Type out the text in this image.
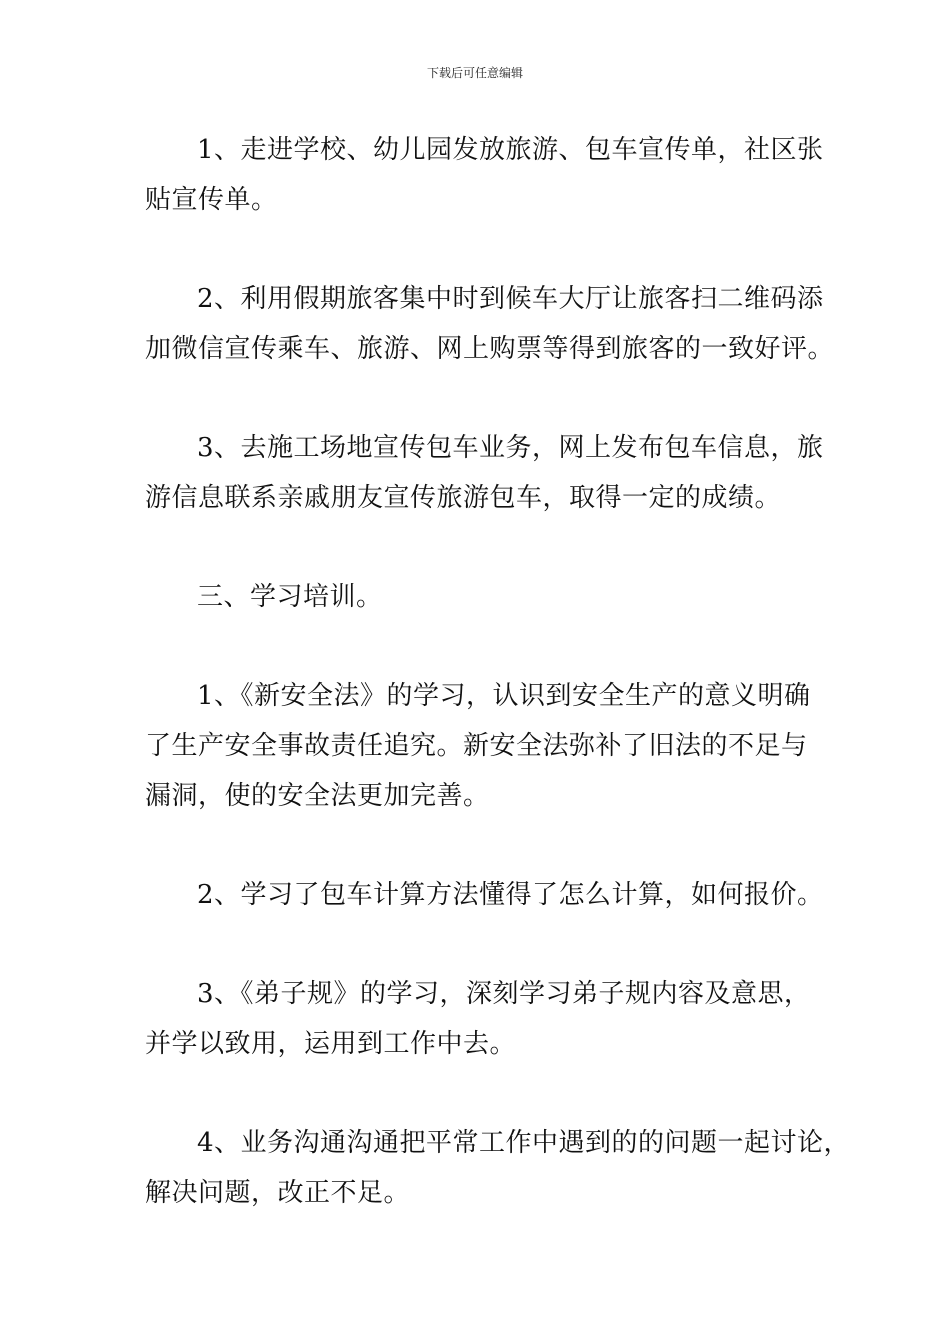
下载后可任意编辑
1、走进学校、幼儿园发放旅游、包车宣传单，社区张
贴宣传单。
2、利用假期旅客集中时到候车大厅让旅客扫二维码添
加微信宣传乘车、旅游、网上购票等得到旅客的一致好评。
3、去施工场地宣传包车业务，网上发布包车信息，旅
游信息联系亲戚朋友宣传旅游包车，取得一定的成绩。
三、学习培训。
1、《新安全法》的学习，认识到安全生产的意义明确
了生产安全事故责任追究。新安全法弥补了旧法的不足与
漏洞，使的安全法更加完善。
2、学习了包车计算方法懂得了怎么计算，如何报价。
3、《弟子规》的学习，深刻学习弟子规内容及意思，
并学以致用，运用到工作中去。
4、业务沟通沟通把平常工作中遇到的的问题一起讨论，
解决问题，改正不足。
